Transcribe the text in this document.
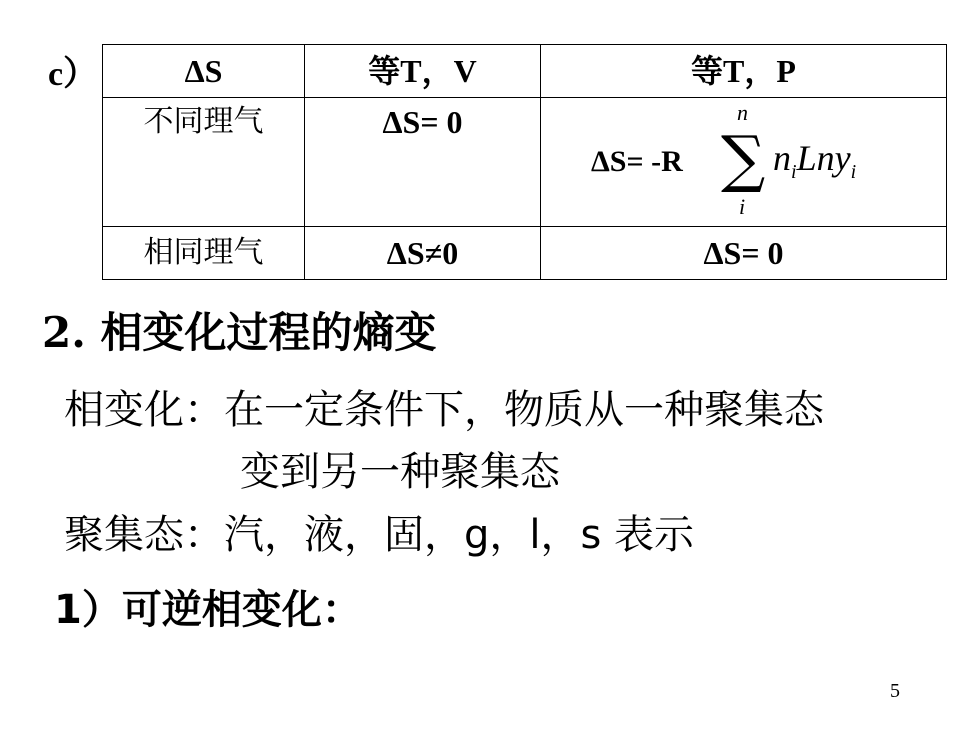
c）	ΔS	等T，V	等T，P
不同理气	ΔS= 0	ΔS= -R
n
∑
i
$n_iLny_i$

相同理气	ΔS≠0	ΔS= 0
2. 相变化过程的熵变
相变化：在一定条件下，物质从一种聚集态
变到另一种聚集态
聚集态：汽，液，固，g，l，s 表示
1）可逆相变化：
5
